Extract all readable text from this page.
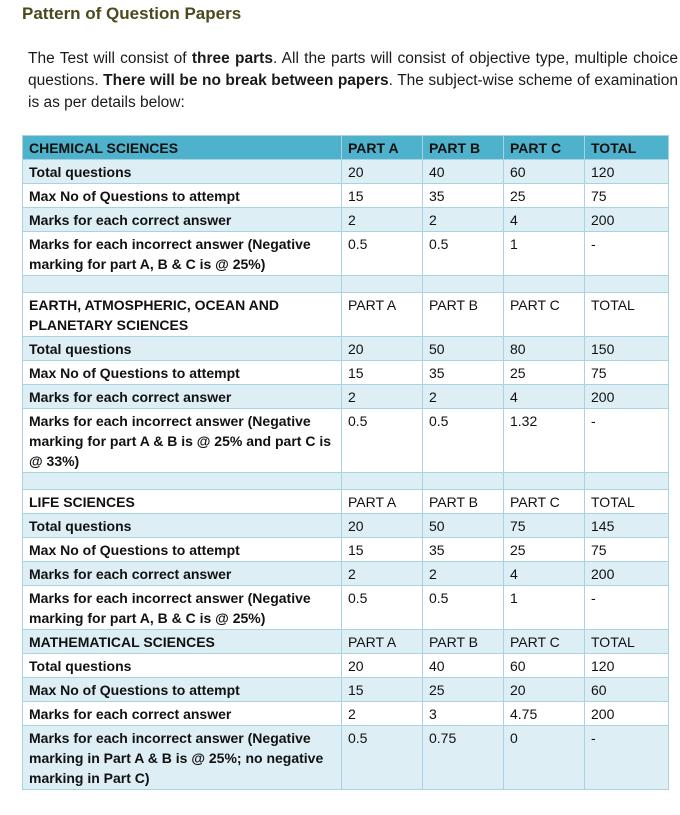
Pattern of Question Papers

The Test will consist of three parts. All the parts will consist of objective type, multiple choice questions. There will be no break between papers. The subject-wise scheme of examination is as per details below:

CHEMICAL SCIENCES	PART A	PART B	PART C	TOTAL
Total questions	20	40	60	120
Max No of Questions to attempt	15	35	25	75
Marks for each correct answer	2	2	4	200
Marks for each incorrect answer (Negative marking for part A, B & C is @ 25%)	0.5	0.5	1	-

EARTH, ATMOSPHERIC, OCEAN AND PLANETARY SCIENCES	PART A	PART B	PART C	TOTAL
Total questions	20	50	80	150
Max No of Questions to attempt	15	35	25	75
Marks for each correct answer	2	2	4	200
Marks for each incorrect answer (Negative marking for part A & B is @ 25% and part C is @ 33%)	0.5	0.5	1.32	-

LIFE SCIENCES	PART A	PART B	PART C	TOTAL
Total questions	20	50	75	145
Max No of Questions to attempt	15	35	25	75
Marks for each correct answer	2	2	4	200
Marks for each incorrect answer (Negative marking for part A, B & C is @ 25%)	0.5	0.5	1	-
MATHEMATICAL SCIENCES	PART A	PART B	PART C	TOTAL
Total questions	20	40	60	120
Max No of Questions to attempt	15	25	20	60
Marks for each correct answer	2	3	4.75	200
Marks for each incorrect answer (Negative marking in Part A & B is @ 25%; no negative marking in Part C)	0.5	0.75	0	-
